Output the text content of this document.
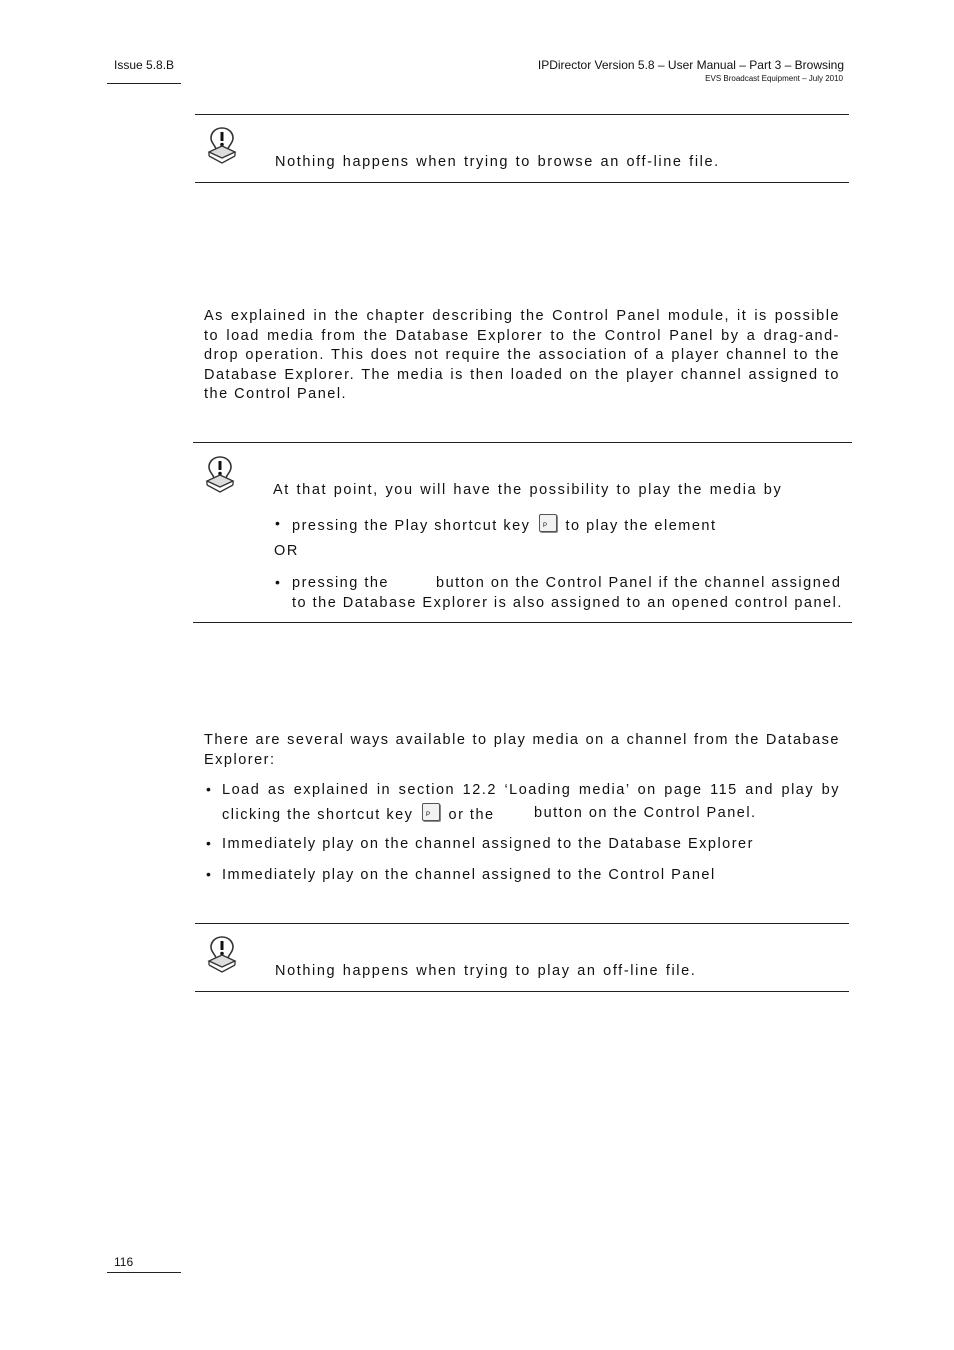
Issue 5.8.B	IPDirector Version 5.8 – User Manual – Part 3 – Browsing
EVS Broadcast Equipment – July 2010
Nothing happens when trying to browse an off-line file.
As explained in the chapter describing the Control Panel module, it is possible to load media from the Database Explorer to the Control Panel by a drag-and-drop operation. This does not require the association of a player channel to the Database Explorer. The media is then loaded on the player channel assigned to the Control Panel.
At that point, you will have the possibility to play the media by
• pressing the Play shortcut key P to play the element
OR
• pressing the	button on the Control Panel if the channel assigned
to the Database Explorer is also assigned to an opened control panel.
There are several ways available to play media on a channel from the Database Explorer:
• Load as explained in section 12.2 ‘Loading media’ on page 115 and play by
clicking the shortcut key P or the	button on the Control Panel.
• Immediately play on the channel assigned to the Database Explorer
• Immediately play on the channel assigned to the Control Panel
Nothing happens when trying to play an off-line file.
116
